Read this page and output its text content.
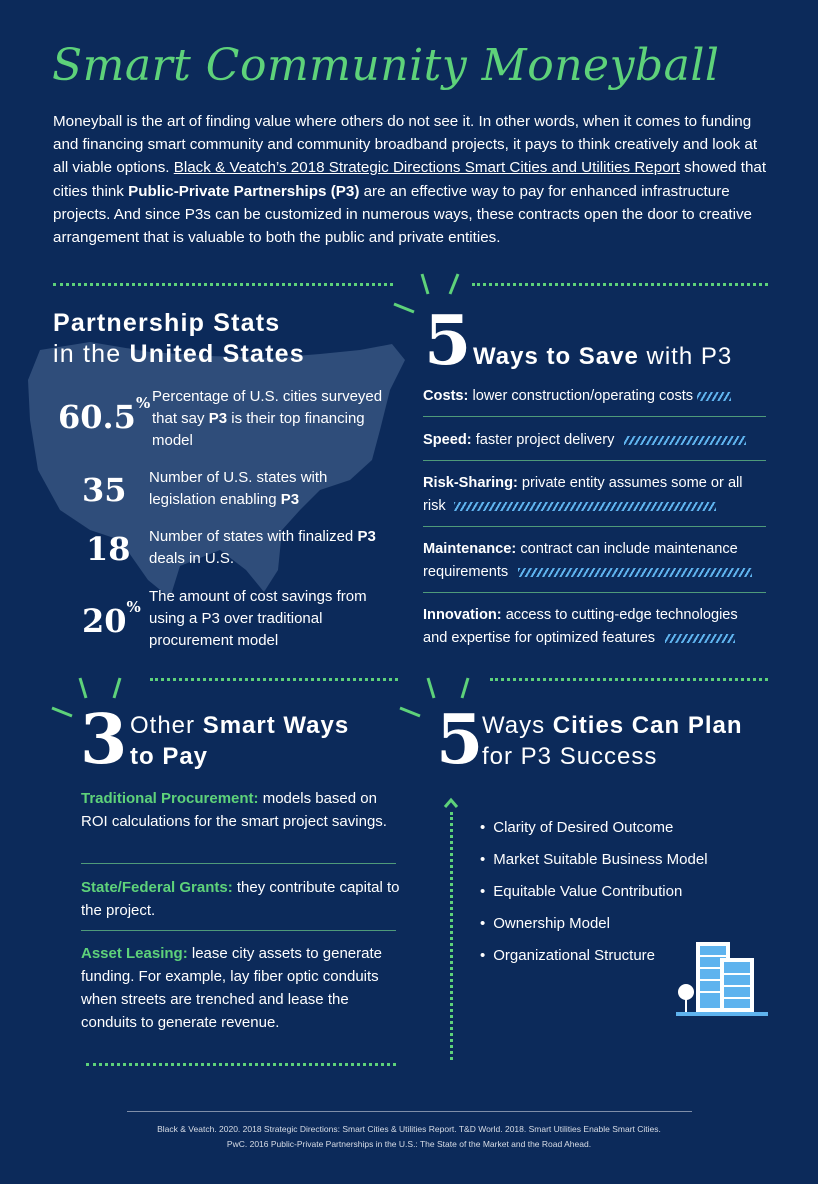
Smart Community Moneyball
Moneyball is the art of finding value where others do not see it. In other words, when it comes to funding and financing smart community and community broadband projects, it pays to think creatively and look at all viable options. Black & Veatch’s 2018 Strategic Directions Smart Cities and Utilities Report showed that cities think Public-Private Partnerships (P3) are an effective way to pay for enhanced infrastructure projects. And since P3s can be customized in numerous ways, these contracts open the door to creative arrangement that is valuable to both the public and private entities.
Partnership Stats
in the United States
60.5% Percentage of U.S. cities surveyed that say P3 is their top financing model
35 Number of U.S. states with legislation enabling P3
18 Number of states with finalized P3 deals in U.S.
20%
The amount of cost savings from using a P3 over traditional procurement model
5 Ways to Save with P3
Costs: lower construction/operating costs
Speed: faster project delivery
Risk-Sharing: private entity assumes some or all risk
Maintenance: contract can include maintenance requirements
Innovation: access to cutting-edge technologies and expertise for optimized features
3 Other Smart Ways
to Pay
Traditional Procurement: models based on ROI calculations for the smart project savings.
State/Federal Grants: they contribute capital to the project.
Asset Leasing: lease city assets to generate funding. For example, lay fiber optic conduits when streets are trenched and lease the conduits to generate revenue.
5
Ways Cities Can Plan
for P3 Success
• Clarity of Desired Outcome
• Market Suitable Business Model
• Equitable Value Contribution
• Ownership Model
• Organizational Structure
Black & Veatch. 2020. 2018 Strategic Directions: Smart Cities & Utilities Report. T&D World. 2018. Smart Utilities Enable Smart Cities.
PwC. 2016 Public-Private Partnerships in the U.S.: The State of the Market and the Road Ahead.
